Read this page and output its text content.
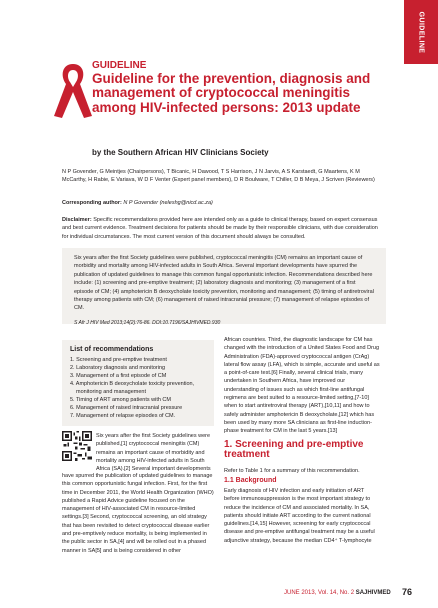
GUIDELINE
GUIDELINE
Guideline for the prevention, diagnosis and management of cryptococcal meningitis among HIV-infected persons: 2013 update
by the Southern African HIV Clinicians Society
N P Govender, G Meintjes (Chairpersons), T Bicanic, H Dawood, T S Harrison, J N Jarvis, A S Karstaedt, G Maartens, K M McCarthy, H Rabie, E Variava, W D F Venter (Expert panel members), D R Boulware, T Chiller, D B Meya, J Scriven (Reviewers)
Corresponding author: N P Govender (neleshg@nicd.ac.za)
Disclaimer: Specific recommendations provided here are intended only as a guide to clinical therapy, based on expert consensus and best current evidence. Treatment decisions for patients should be made by their responsible clinicians, with due consideration for individual circumstances. The most current version of this document should always be consulted.

Six years after the first Society guidelines were published, cryptococcal meningitis (CM) remains an important cause of morbidity and mortality among HIV-infected adults in South Africa. Several important developments have spurred the publication of updated guidelines to manage this common fungal opportunistic infection. Recommendations described here include: (1) screening and pre-emptive treatment; (2) laboratory diagnosis and monitoring; (3) management of a first episode of CM; (4) amphotericin B deoxycholate toxicity prevention, monitoring and management; (5) timing of antiretroviral therapy among patients with CM; (6) management of raised intracranial pressure; (7) management of relapse episodes of CM.

S Afr J HIV Med 2013;14(2):76-86. DOI:10.7196/SAJHIVMED.930

List of recommendations
1. Screening and pre-emptive treatment
2. Laboratory diagnosis and monitoring
3. Management of a first episode of CM
4. Amphotericin B deoxycholate toxicity prevention,
monitoring and management
5. Timing of ART among patients with CM
6. Management of raised intracranial pressure
7. Management of relapse episodes of CM.
Six years after the first Society guidelines were published,[1] cryptococcal meningitis (CM) remains an important cause of morbidity and mortality among HIV-infected adults in South Africa (SA).[2] Several important developments
have spurred the publication of updated guidelines to manage this common opportunistic fungal infection. First, for the first time in December 2011, the World Health Organization (WHO) published a Rapid Advice guideline focused on the management of HIV-associated CM in resource-limited settings.[3] Second, cryptococcal screening, an old strategy that has been revisited to detect cryptococcal disease earlier and pre-emptively reduce mortality, is being implemented in the public sector in SA,[4] and will be rolled out in a phased manner in SA[5] and is being considered in other
African countries. Third, the diagnostic landscape for CM has changed with the introduction of a United States Food and Drug Administration (FDA)-approved cryptococcal antigen (CrAg) lateral flow assay (LFA), which is simple, accurate and useful as a point-of-care test.[6] Finally, several clinical trials, many undertaken in Southern Africa, have improved our understanding of issues such as which first-line antifungal regimens are best suited to a resource-limited setting,[7-10] when to start antiretroviral therapy (ART),[10,11] and how to safely administer amphotericin B deoxycholate,[12] which has been used by many more SA clinicians as first-line induction-phase treatment for CM in the last 5 years.[13]
1. Screening and pre-emptive treatment
Refer to Table 1 for a summary of this recommendation.
1.1 Background
Early diagnosis of HIV infection and early initiation of ART before immunosuppression is the most important strategy to reduce the incidence of CM and associated mortality. In SA, patients should initiate ART according to the current national guidelines.[14,15] However, screening for early cryptococcal disease and pre-emptive antifungal treatment may be a useful adjunctive strategy, because the median CD4⁺ T-lymphocyte
JUNE 2013, Vol. 14, No. 2 SAJHIVMED 76
